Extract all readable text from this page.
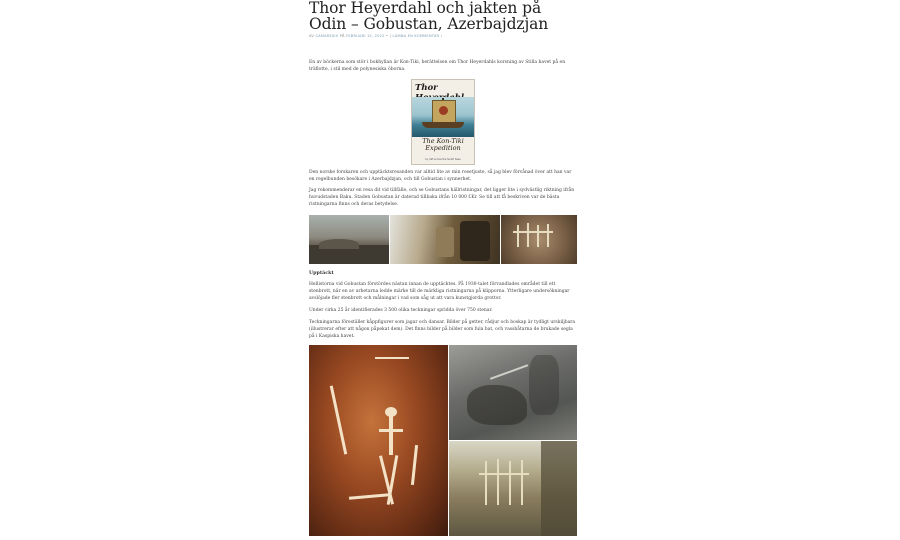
Thor Heyerdahl och jakten på Odin – Gobustan, Azerbajdzjan
AV CAMARESIX PÅ FEBRUARI 15, 2022 • ( LÄMNA EN KOMMENTAR )

En av böckerna som stör i bokhyllan är Kon-Tiki, berättelsen om Thor Heyerdahls korsning av Stilla havet på en träflotte, i stil med de polynesiska öborna.

Thor
The Kon-Tiki Expedition
by raft across the South Seas

Den norske forskaren och upptäcktsresanden var alltid lite av min resetjuste, så jag blev förvånad över att han var en regelbunden besökare i Azerbajdzjan, och till Gobustan i synnerhet.

Jag rekommenderar en resa dit vid tillfälle, och se Gobustans hällristningar, det ligger lite i sydvästlig riktning ifrån huvudstaden Baku. Staden Gobustan är daterad tillbaka ifrån 10 000 f.Kr. Se till att få beskriven var de bästa ristningarna finns och deras betydelse.

Upptäckt

Hellistorna vid Gobustan förstördes nästan innan de upptäcktes. På 1930-talet förvandlades området till ett stenbrott, när en av arbetarna ledde märke till de märkliga ristningarna på klipporna. Ytterligare undersökningar avslöjade fler stenbrott och målningar i vad som såg ut att vara kunstgjorda grottor.

Under cirka 25 år identifierades 3 500 olika teckningar spridda över 750 stenar.

Teckningarna föreställer kåppfigurer som jagar och dansar. Bilder på getter, rådjur och boskap är tydligt urskiljbara (illustrerar efter att någon påpekat dem). Det finns bilder på bilder som fula bat, och vassbåtarna de brukade segla på i Kaspiska havet.
